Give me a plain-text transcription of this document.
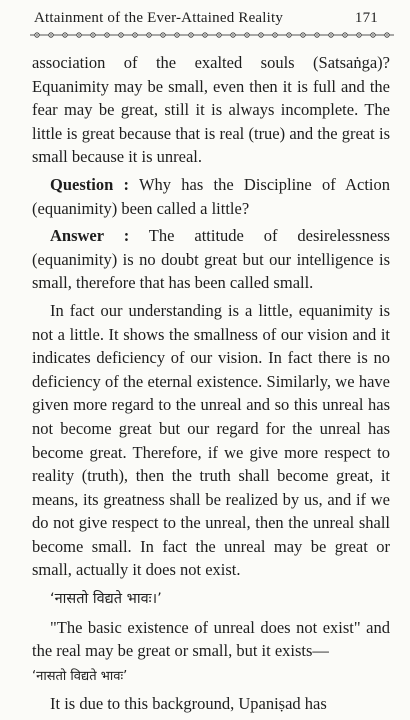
Attainment of the Ever-Attained Reality	171

association of the exalted souls (Satsaṅga)? Equanimity may be small, even then it is full and the fear may be great, still it is always incomplete. The little is great because that is real (true) and the great is small because it is unreal.

Question : Why has the Discipline of Action (equanimity) been called a little?

Answer : The attitude of desirelessness (equanimity) is no doubt great but our intelligence is small, therefore that has been called small.

In fact our understanding is a little, equanimity is not a little. It shows the smallness of our vision and it indicates deficiency of our vision. In fact there is no deficiency of the eternal existence. Similarly, we have given more regard to the unreal and so this unreal has not become great but our regard for the unreal has become great. Therefore, if we give more respect to reality (truth), then the truth shall become great, it means, its greatness shall be realized by us, and if we do not give respect to the unreal, then the unreal shall become small. In fact the unreal may be great or small, actually it does not exist.

‘नासतो विद्यते भावः।’

"The basic existence of unreal does not exist" and the real may be great or small, but it exists—
‘नासतो विद्यते भावः’

It is due to this background, Upaniṣad has
